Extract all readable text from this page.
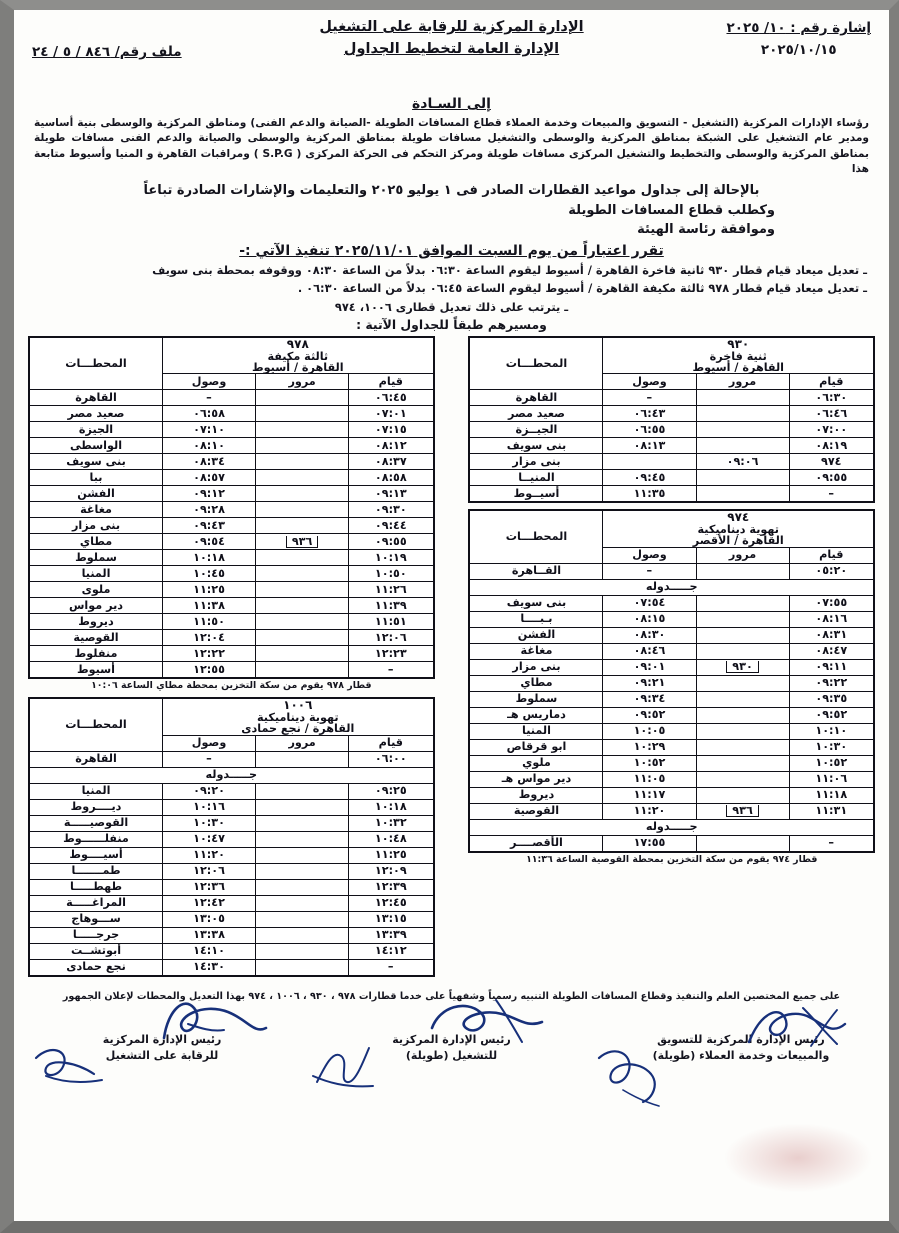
الإدارة المركزية للرقابة على التشغيل
الإدارة العامة لتخطيط الجداول
إشارة رقم : ١٠/ ٢٠٢٥
٢٠٢٥/١٠/١٥
ملف رقم/ ٨٤٦ / ٥ / ٢٤
إلى السـادة
رؤساء الإدارات المركزية (التشغيل - التسويق والمبيعات وخدمة العملاء قطاع المسافات الطويلة -الصيانة والدعم الفنى) ومناطق المركزية والوسطى بنية أساسية ومدير عام التشغيل على الشبكة بمناطق المركزية والوسطى والتشغيل مسافات طويلة بمناطق المركزية والوسطى والصيانة والدعم الفنى مسافات طويلة بمناطق المركزية والوسطى والتخطيط والتشغيل المركزى مسافات طويلة ومركز التحكم فى الحركة المركزى ( S.P.G ) ومراقبات القاهرة و المنيا وأسيوط متابعة هذا
بالإحالة إلى جداول مواعيد القطارات الصادر فى ١ يوليو ٢٠٢٥ والتعليمات والإشارات الصادرة تباعاً
وكطلب قطاع المسافات الطويلة
وموافقة رئاسة الهيئة
تقرر اعتباراً من يوم السبت الموافق ٢٠٢٥/١١/٠١ تنفيذ الآتي :-
ـ تعديل ميعاد قيام قطار ٩٣٠ ثانية فاخرة القاهرة / أسيوط ليقوم الساعة ٠٦:٣٠ بدلاً من الساعة ٠٨:٣٠ ووقوفه بمحطة بنى سويف
ـ تعديل ميعاد قيام قطار ٩٧٨ ثالثة مكيفة القاهرة / أسيوط ليقوم الساعة ٠٦:٤٥ بدلاً من الساعة ٠٦:٣٠ .
ـ يترتب على ذلك تعديل قطارى ١٠٠٦، ٩٧٤
ومسيرهم طبقاً للجداول الآتية :
٩٣٠
ثنية فاخرة
القاهرة / أسيوط			المحطـــات
قيام	مرور	وصول	
٠٦:٣٠		–	القاهرة
٠٦:٤٦		٠٦:٤٣	صعيد مصر
٠٧:٠٠		٠٦:٥٥	الجيــزة
٠٨:١٩		٠٨:١٣	بنى سويف
٩٧٤	٠٩:٠٦		بنى مزار
٠٩:٥٥		٠٩:٤٥	المنيــا
–		١١:٣٥	أسيــوط
٩٧٤
تهوية ديناميكية
القاهرة / الأقصر			المحطـــات
قيام	مرور	وصول	
٠٥:٢٠		–	القــاهرة
جـــــدوله			
٠٧:٥٥		٠٧:٥٤	بنى سويف
٠٨:١٦		٠٨:١٥	بـبــــا
٠٨:٣١		٠٨:٣٠	الفشن
٠٨:٤٧		٠٨:٤٦	مغاغة
٠٩:١١	٩٣٠	٠٩:٠١	بنى مزار
٠٩:٢٢		٠٩:٢١	مطاي
٠٩:٣٥		٠٩:٣٤	سملوط
٠٩:٥٢		٠٩:٥٢	دماريس هـ
١٠:١٠		١٠:٠٥	المنيا
١٠:٣٠		١٠:٢٩	ابو قرقاص
١٠:٥٢		١٠:٥٢	ملوي
١١:٠٦		١١:٠٥	دير مواس هـ
١١:١٨		١١:١٧	ديروط
١١:٣١	٩٣٦	١١:٢٠	القوصية
جـــــدوله			
–		١٧:٥٥	الأقصــــر
قطار ٩٧٤ يقوم من سكة التخزين بمحطة القوصية الساعة ١١:٣٦
٩٧٨
ثالثة مكيفة
القاهرة / أسيوط			المحطـــات
قيام	مرور	وصول	
٠٦:٤٥		–	القاهرة
٠٧:٠١		٠٦:٥٨	صعيد مصر
٠٧:١٥		٠٧:١٠	الجيزة
٠٨:١٢		٠٨:١٠	الواسطى
٠٨:٣٧		٠٨:٣٤	بنى سويف
٠٨:٥٨		٠٨:٥٧	ببا
٠٩:١٣		٠٩:١٢	الفشن
٠٩:٣٠		٠٩:٢٨	مغاغة
٠٩:٤٤		٠٩:٤٣	بنى مزار
٠٩:٥٥	٩٣٦	٠٩:٥٤	مطاي
١٠:١٩		١٠:١٨	سملوط
١٠:٥٠		١٠:٤٥	المنيا
١١:٢٦		١١:٢٥	ملوى
١١:٣٩		١١:٣٨	دير مواس
١١:٥١		١١:٥٠	ديروط
١٢:٠٦		١٢:٠٤	القوصية
١٢:٢٣		١٢:٢٢	منفلوط
–		١٢:٥٥	أسيوط
قطار ٩٧٨ يقوم من سكة التخزين بمحطة مطاي الساعة ١٠:٠٦
١٠٠٦
تهوية ديناميكية
القاهرة / نجع حمادى			المحطـــات
قيام	مرور	وصول	
٠٦:٠٠		–	القاهرة
جـــــدوله			
٠٩:٢٥		٠٩:٢٠	المنيا
١٠:١٨		١٠:١٦	ديــــروط
١٠:٣٢		١٠:٣٠	القوصيـــــة
١٠:٤٨		١٠:٤٧	منفلــــــوط
١١:٢٥		١١:٢٠	أسيــــوط
١٢:٠٩		١٢:٠٦	طمـــــــا
١٢:٣٩		١٢:٣٦	طهطـــــا
١٢:٤٥		١٢:٤٢	المراغـــــة
١٣:١٥		١٣:٠٥	ســـوهاج
١٣:٣٩		١٣:٣٨	جرجـــــا
١٤:١٢		١٤:١٠	أبوتشــت
–		١٤:٣٠	نجع حمادى
على جميع المختصين العلم والتنفيذ وقطاع المسافات الطويلة التنبيه رسمياً وشفهياً على خدما قطارات ٩٧٨ ، ٩٣٠ ، ١٠٠٦ ، ٩٧٤ بهذا التعديل والمحطات لإعلان الجمهور
رئيس الإدارة المركزية للتسويق
والمبيعات وخدمة العملاء (طويلة)
رئيس الإدارة المركزية
للتشغيل (طويلة)
رئيس الإدارة المركزية
للرقابة على التشغيل
